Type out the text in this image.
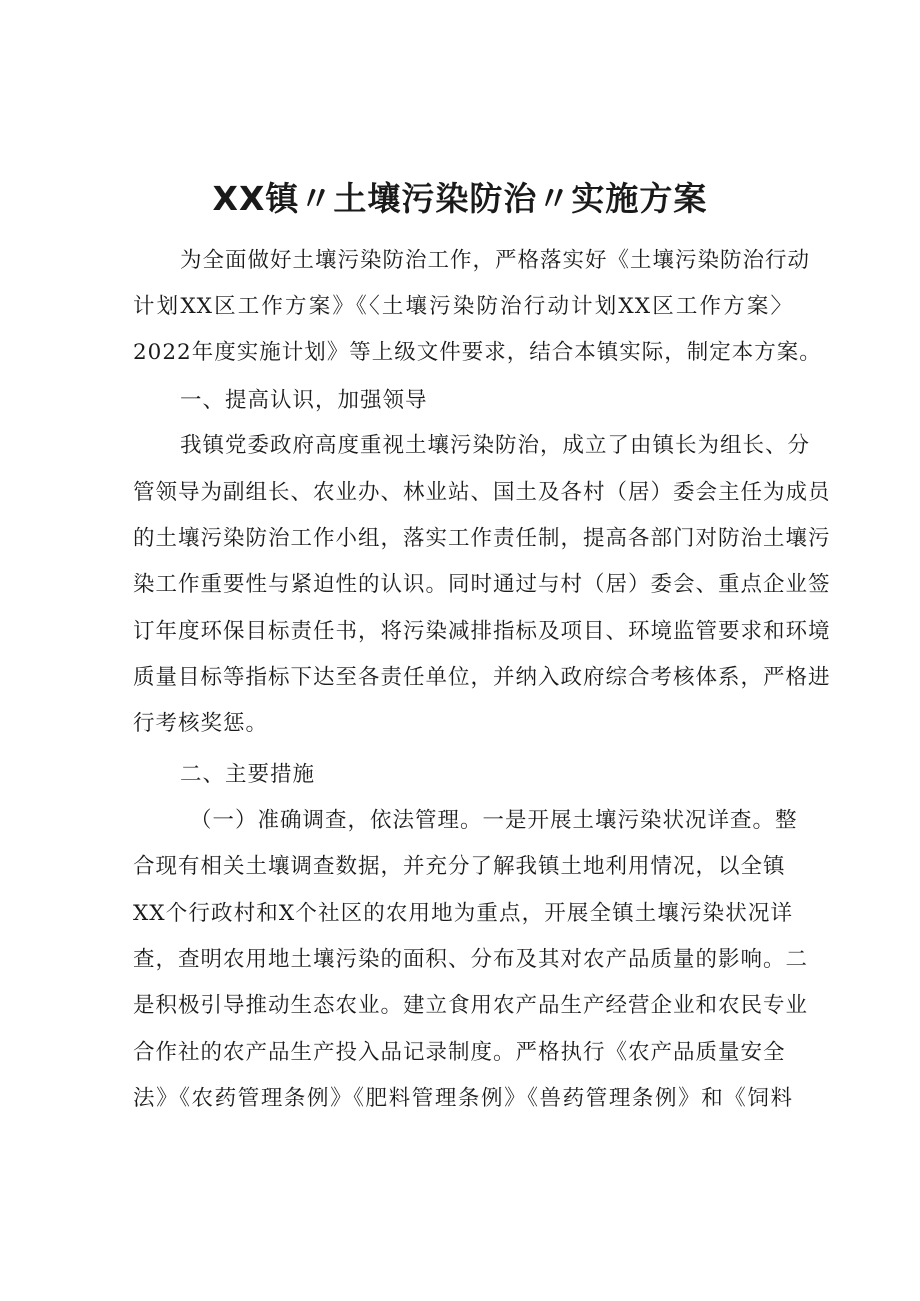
XX镇〃土壤污染防治〃实施方案
为全面做好土壤污染防治工作，严格落实好《土壤污染防治行动
计划XX区工作方案》《〈土壤污染防治行动计划XX区工作方案〉
2022年度实施计划》等上级文件要求，结合本镇实际，制定本方案。
一、提高认识，加强领导
我镇党委政府高度重视土壤污染防治，成立了由镇长为组长、分
管领导为副组长、农业办、林业站、国土及各村（居）委会主任为成员
的土壤污染防治工作小组，落实工作责任制，提高各部门对防治土壤污
染工作重要性与紧迫性的认识。同时通过与村（居）委会、重点企业签
订年度环保目标责任书，将污染减排指标及项目、环境监管要求和环境
质量目标等指标下达至各责任单位，并纳入政府综合考核体系，严格进
行考核奖惩。
二、主要措施
（一）准确调查，依法管理。一是开展土壤污染状况详查。整
合现有相关土壤调查数据，并充分了解我镇土地利用情况，以全镇
XX个行政村和X个社区的农用地为重点，开展全镇土壤污染状况详
查，查明农用地土壤污染的面积、分布及其对农产品质量的影响。二
是积极引导推动生态农业。建立食用农产品生产经营企业和农民专业
合作社的农产品生产投入品记录制度。严格执行《农产品质量安全
法》《农药管理条例》《肥料管理条例》《兽药管理条例》和《饲料
